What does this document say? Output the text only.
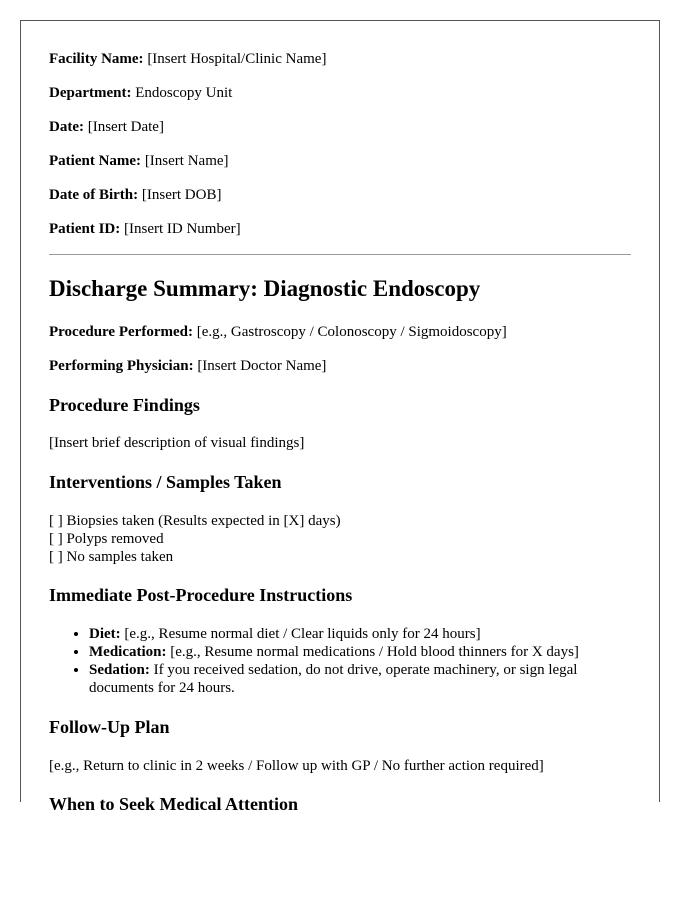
Facility Name: [Insert Hospital/Clinic Name]
Department: Endoscopy Unit
Date: [Insert Date]
Patient Name: [Insert Name]
Date of Birth: [Insert DOB]
Patient ID: [Insert ID Number]
Discharge Summary: Diagnostic Endoscopy
Procedure Performed: [e.g., Gastroscopy / Colonoscopy / Sigmoidoscopy]
Performing Physician: [Insert Doctor Name]
Procedure Findings
[Insert brief description of visual findings]
Interventions / Samples Taken
[ ] Biopsies taken (Results expected in [X] days)
[ ] Polyps removed
[ ] No samples taken
Immediate Post-Procedure Instructions
• Diet: [e.g., Resume normal diet / Clear liquids only for 24 hours]
• Medication: [e.g., Resume normal medications / Hold blood thinners for X days]
• Sedation: If you received sedation, do not drive, operate machinery, or sign legal documents for 24 hours.
Follow-Up Plan
[e.g., Return to clinic in 2 weeks / Follow up with GP / No further action required]
When to Seek Medical Attention
